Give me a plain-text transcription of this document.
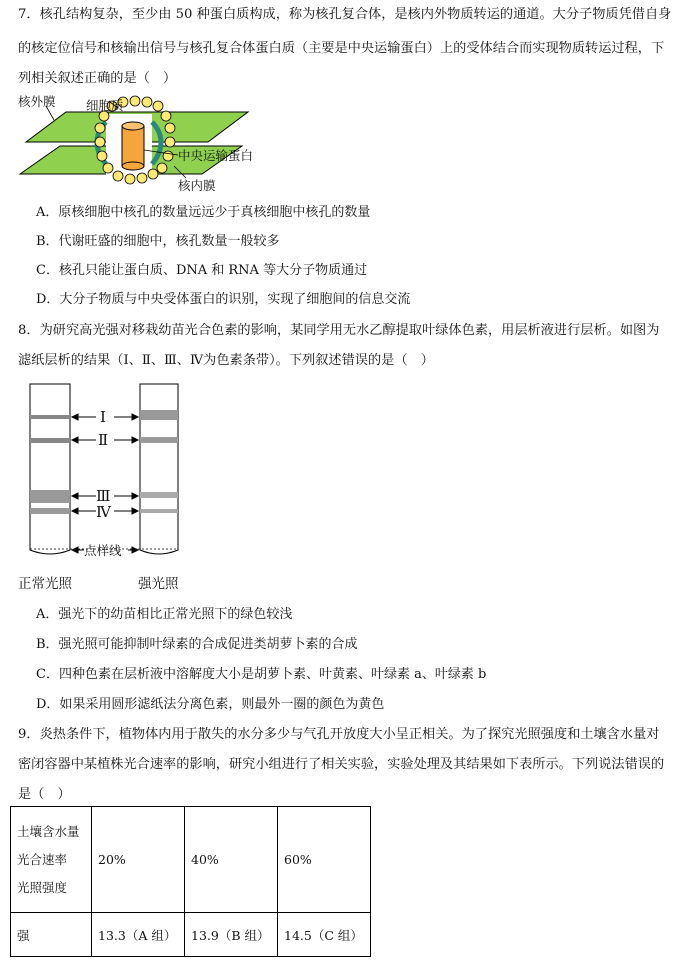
7．核孔结构复杂，至少由 50 种蛋白质构成，称为核孔复合体，是核内外物质转运的通道。大分子物质凭借自身
的核定位信号和核输出信号与核孔复合体蛋白质（主要是中央运输蛋白）上的受体结合而实现物质转运过程，下
列相关叙述正确的是（　）
核外膜 细胞质
中央运输蛋白
核内膜
A．原核细胞中核孔的数量远远少于真核细胞中核孔的数量
B．代谢旺盛的细胞中，核孔数量一般较多
C．核孔只能让蛋白质、DNA 和 RNA 等大分子物质通过
D．大分子物质与中央受体蛋白的识别，实现了细胞间的信息交流
8．为研究高光强对移栽幼苗光合色素的影响，某同学用无水乙醇提取叶绿体色素，用层析液进行层析。如图为
滤纸层析的结果（Ⅰ、Ⅱ、Ⅲ、Ⅳ为色素条带）。下列叙述错误的是（　）
Ⅰ
Ⅱ
Ⅲ
Ⅳ
点样线
正常光照	强光照
A．强光下的幼苗相比正常光照下的绿色较浅
B．强光照可能抑制叶绿素的合成促进类胡萝卜素的合成
C．四种色素在层析液中溶解度大小是胡萝卜素、叶黄素、叶绿素 a、叶绿素 b
D．如果采用圆形滤纸法分离色素，则最外一圈的颜色为黄色
9．炎热条件下，植物体内用于散失的水分多少与气孔开放度大小呈正相关。为了探究光照强度和土壤含水量对
密闭容器中某植株光合速率的影响，研究小组进行了相关实验，实验处理及其结果如下表所示。下列说法错误的
是（　）
土壤含水量
光合速率
光照强度	20%	40%	60%
强	13.3（A 组）	13.9（B 组）	14.5（C 组）
